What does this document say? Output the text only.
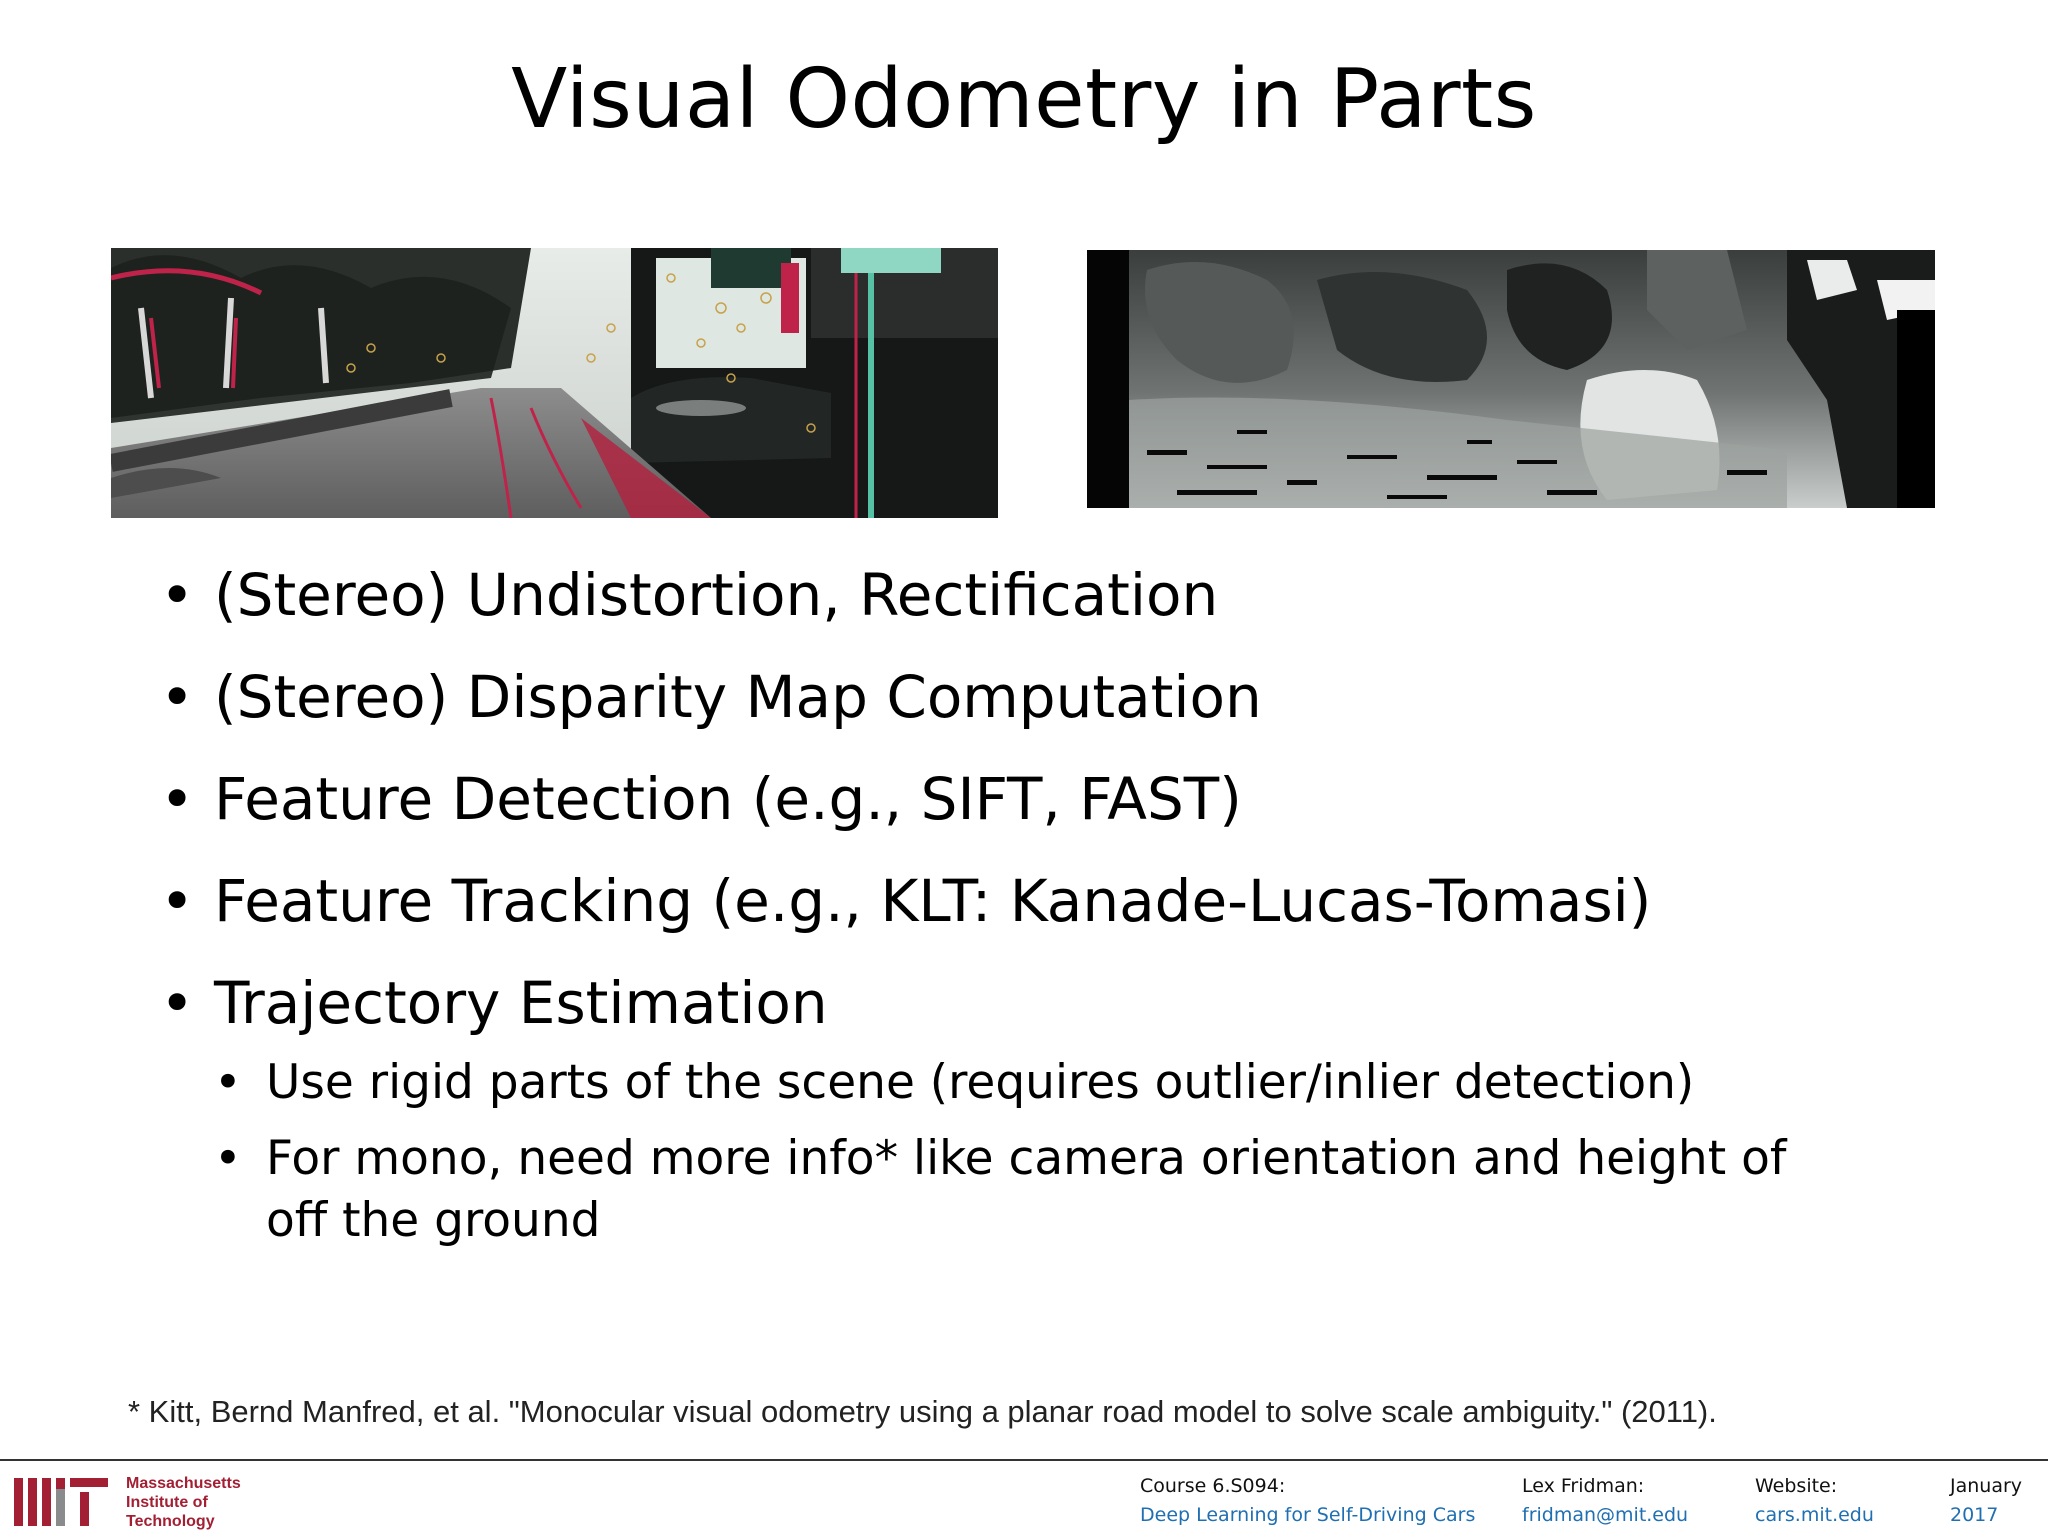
Visual Odometry in Parts
• (Stereo) Undistortion, Rectification
• (Stereo) Disparity Map Computation
• Feature Detection (e.g., SIFT, FAST)
• Feature Tracking (e.g., KLT: Kanade-Lucas-Tomasi)
• Trajectory Estimation
• Use rigid parts of the scene (requires outlier/inlier detection)
• For mono, need more info* like camera orientation and height of off the ground
* Kitt, Bernd Manfred, et al. "Monocular visual odometry using a planar road model to solve scale ambiguity." (2011).
Massachusetts
Institute of
Technology
Course 6.S094:
Deep Learning for Self-Driving Cars
Lex Fridman:
fridman@mit.edu
Website:
cars.mit.edu
January
2017
